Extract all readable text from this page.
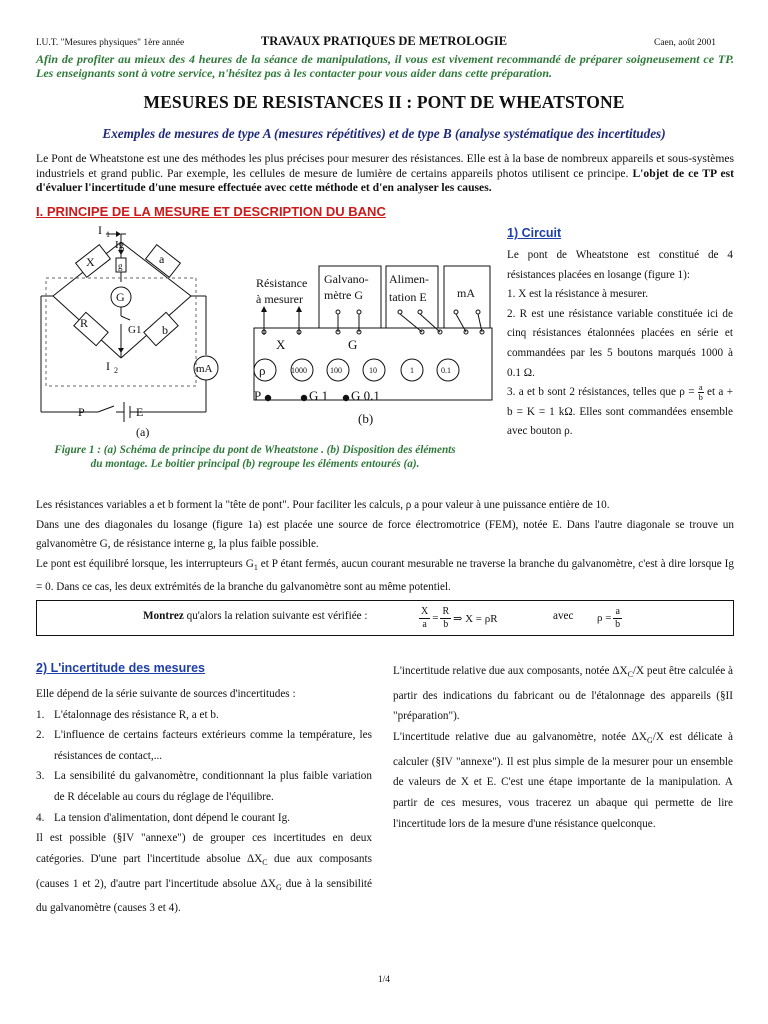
I.U.T. "Mesures physiques" 1ère année	TRAVAUX PRATIQUES DE METROLOGIE	Caen, août 2001
Afin de profiter au mieux des 4 heures de la séance de manipulations, il vous est vivement recommandé de préparer soigneusement ce TP. Les enseignants sont à votre service, n'hésitez pas à les contacter pour vous aider dans cette préparation.
MESURES DE RESISTANCES II : PONT DE WHEATSTONE
Exemples de mesures de type A (mesures répétitives) et de type B (analyse systématique des incertitudes)
Le Pont de Wheatstone est une des méthodes les plus précises pour mesurer des résistances. Elle est à la base de nombreux appareils et sous-systèmes industriels et grand public. Par exemple, les cellules de mesure de lumière de certains appareils photos utilisent ce principe. L'objet de ce TP est d'évaluer l'incertitude d'une mesure effectuée avec cette méthode et d'en analyser les causes.
I. PRINCIPE DE LA MESURE ET DESCRIPTION DU BANC
I 1
Ig
g
X	a
G
R	G1 b
I 2	mA
P	E
(a)
Résistance
à mesurer
Galvano-
mètre G
Alimen-
tation E	mA
X	G
ρ	1000	100	10	1	0.1
P	G 1 G 0.1
(b)
Figure 1 : (a) Schéma de principe du pont de Wheatstone . (b) Disposition des éléments du montage. Le boitier principal (b) regroupe les éléments entourés (a).
1) Circuit
Le pont de Wheatstone est constitué de 4 résistances placées en losange (figure 1):
1. X est la résistance à mesurer.
2. R est une résistance variable constituée ici de cinq résistances étalonnées placées en série et commandées par les 5 boutons marqués 1000 à 0.1 Ω.
3. a et b sont 2 résistances, telles que $\rho = \frac{a}{b}$ et a + b = K = 1 kΩ. Elles sont commandées ensemble avec bouton ρ.

Les résistances variables a et b forment la "tête de pont". Pour faciliter les calculs, ρ a pour valeur à une puissance entière de 10.

Dans une des diagonales du losange (figure 1a) est placée une source de force électromotrice (FEM), notée E. Dans l'autre diagonale se trouve un galvanomètre G, de résistance interne g, la plus faible possible.

Le pont est équilibré lorsque, les interrupteurs $G_1$ et P étant fermés, aucun courant mesurable ne traverse la branche du galvanomètre, c'est à dire lorsque Ig = 0. Dans ce cas, les deux extrémités de la branche du galvanomètre sont au même potentiel.

Montrez qu'alors la relation suivante est vérifiée :	$\frac{X}{a} = \frac{R}{b}$ ⇒ X = ρR	avec $\rho = \frac{a}{b}$
2) L'incertitude des mesures
Elle dépend de la série suivante de sources d'incertitudes :
1. L'étalonnage des résistance R, a et b.
2. L'influence de certains facteurs extérieurs comme la température, les résistances de contact,...
3. La sensibilité du galvanomètre, conditionnant la plus faible variation de R décelable au cours du réglage de l'équilibre.
4. La tension d'alimentation, dont dépend le courant Ig.
Il est possible (§IV "annexe") de grouper ces incertitudes en deux catégories. D'une part l'incertitude absolue $\Delta X_C$ due aux composants (causes 1 et 2), d'autre part l'incertitude absolue $\Delta X_G$ due à la sensibilité du galvanomètre (causes 3 et 4).

L'incertitude relative due aux composants, notée $\Delta X_C/X$ peut être calculée à partir des indications du fabricant ou de l'étalonnage des appareils (§II "préparation").

L'incertitude relative due au galvanomètre, notée $\Delta X_G/X$ est délicate à calculer (§IV "annexe"). Il est plus simple de la mesurer pour un ensemble de valeurs de X et E. C'est une étape importante de la manipulation. A partir de ces mesures, vous tracerez un abaque qui permette de lire l'incertitude lors de la mesure d'une résistance quelconque.

1/4
